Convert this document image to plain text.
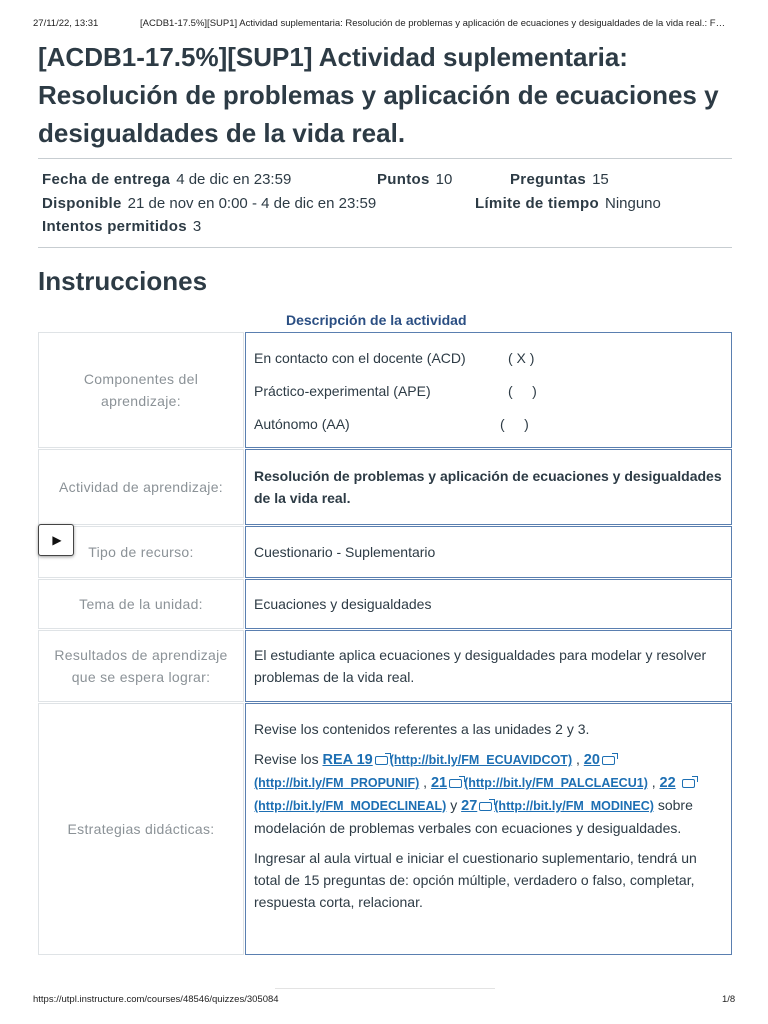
27/11/22, 13:31	[ACDB1-17.5%][SUP1] Actividad suplementaria: Resolución de problemas y aplicación de ecuaciones y desigualdades de la vida real.: F…
[ACDB1-17.5%][SUP1] Actividad suplementaria: Resolución de problemas y aplicación de ecuaciones y desigualdades de la vida real.
Fecha de entrega 4 de dic en 23:59	Puntos 10	Preguntas 15
Disponible 21 de nov en 0:00 - 4 de dic en 23:59	Límite de tiempo Ninguno
Intentos permitidos 3
Instrucciones
Descripción de la actividad
Componentes del aprendizaje:
En contacto con el docente (ACD)	( X )
Práctico-experimental (APE)	(     )
Autónomo (AA)	(     )
Actividad de aprendizaje:
Resolución de problemas y aplicación de ecuaciones y desigualdades de la vida real.
Tipo de recurso:	Cuestionario - Suplementario
Tema de la unidad:	Ecuaciones y desigualdades
Resultados de aprendizaje que se espera lograr:
El estudiante aplica ecuaciones y desigualdades para modelar y resolver problemas de la vida real.
Estrategias didácticas:

Revise los contenidos referentes a las unidades 2 y 3.

Revise los REA 19 (http://bit.ly/FM_ECUAVIDCOT) , 20 (http://bit.ly/FM_PROPUNIF) , 21 (http://bit.ly/FM_PALCLAECU1) , 22 (http://bit.ly/FM_MODECLINEAL) y 27 (http://bit.ly/FM_MODINEC) sobre modelación de problemas verbales con ecuaciones y desigualdades.

Ingresar al aula virtual e iniciar el cuestionario suplementario, tendrá un total de 15 preguntas de: opción múltiple, verdadero o falso, completar, respuesta corta, relacionar.

▶
https://utpl.instructure.com/courses/48546/quizzes/305084	1/8
